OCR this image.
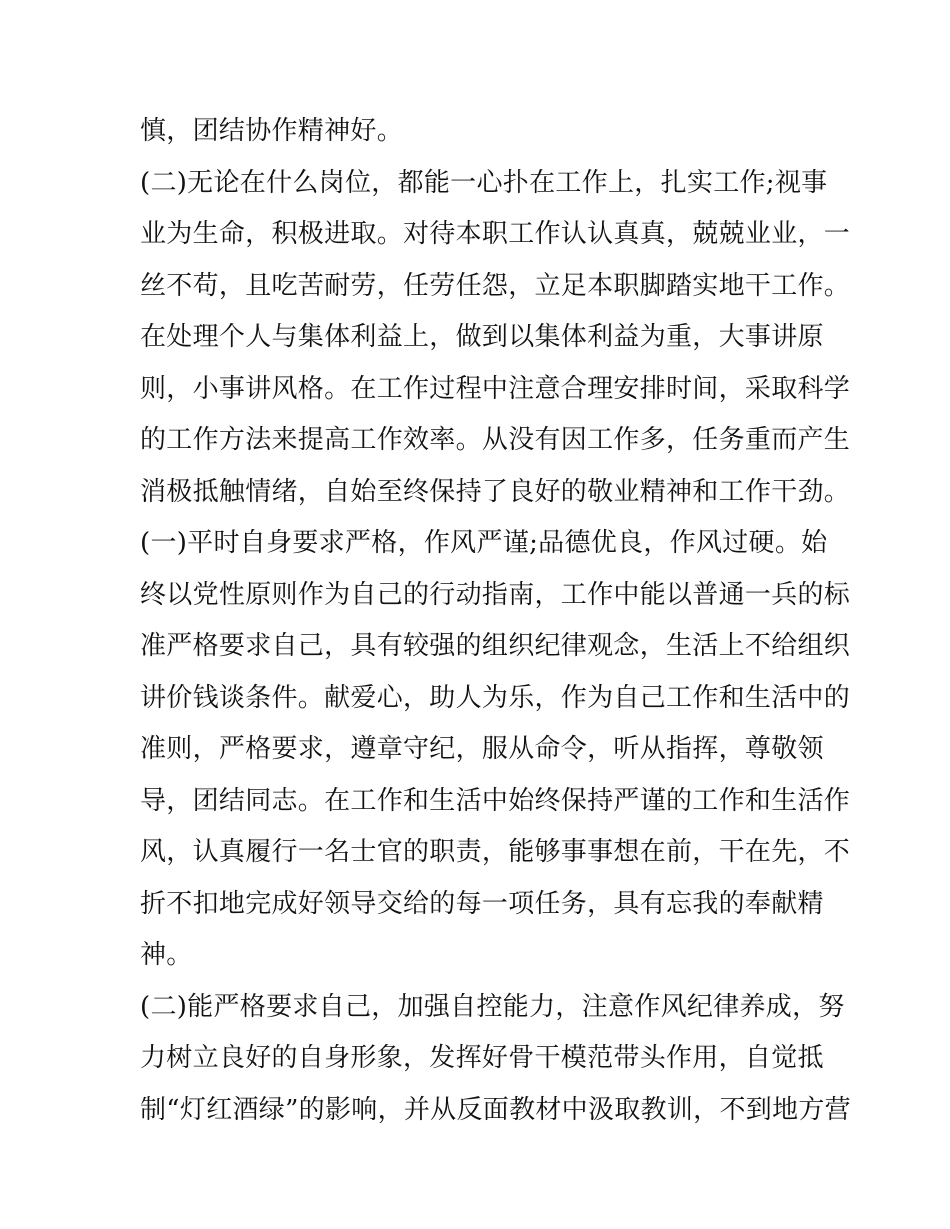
慎，团结协作精神好。
(二)无论在什么岗位，都能一心扑在工作上，扎实工作;视事
业为生命，积极进取。对待本职工作认认真真，兢兢业业，一
丝不苟，且吃苦耐劳，任劳任怨，立足本职脚踏实地干工作。
在处理个人与集体利益上，做到以集体利益为重，大事讲原
则，小事讲风格。在工作过程中注意合理安排时间，采取科学
的工作方法来提高工作效率。从没有因工作多，任务重而产生
消极抵触情绪，自始至终保持了良好的敬业精神和工作干劲。
(一)平时自身要求严格，作风严谨;品德优良，作风过硬。始
终以党性原则作为自己的行动指南，工作中能以普通一兵的标
准严格要求自己，具有较强的组织纪律观念，生活上不给组织
讲价钱谈条件。献爱心，助人为乐，作为自己工作和生活中的
准则，严格要求，遵章守纪，服从命令，听从指挥，尊敬领
导，团结同志。在工作和生活中始终保持严谨的工作和生活作
风，认真履行一名士官的职责，能够事事想在前，干在先，不
折不扣地完成好领导交给的每一项任务，具有忘我的奉献精
神。
(二)能严格要求自己，加强自控能力，注意作风纪律养成，努
力树立良好的自身形象，发挥好骨干模范带头作用，自觉抵
制“灯红酒绿”的影响，并从反面教材中汲取教训，不到地方营
